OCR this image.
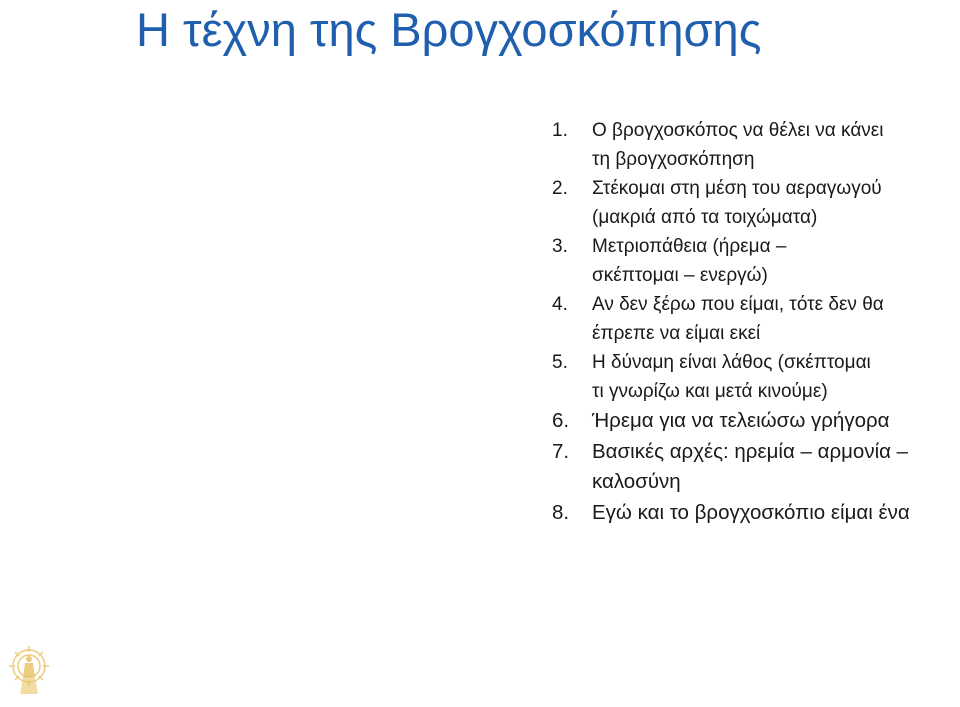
Η τέχνη της Βρογχοσκόπησης
1. Ο βρογχοσκόπος να θέλει να κάνει
τη βρογχοσκόπηση
2. Στέκομαι στη μέση του αεραγωγού
(μακριά από τα τοιχώματα)
3. Μετριοπάθεια (ήρεμα –
σκέπτομαι – ενεργώ)
4. Αν δεν ξέρω που είμαι, τότε δεν θα
έπρεπε να είμαι εκεί
5. Η δύναμη είναι λάθος (σκέπτομαι
τι γνωρίζω και μετά κινούμε)
6. Ήρεμα για να τελειώσω γρήγορα
7. Βασικές αρχές: ηρεμία – αρμονία –
καλοσύνη
8. Εγώ και το βρογχοσκόπιο είμαι ένα
